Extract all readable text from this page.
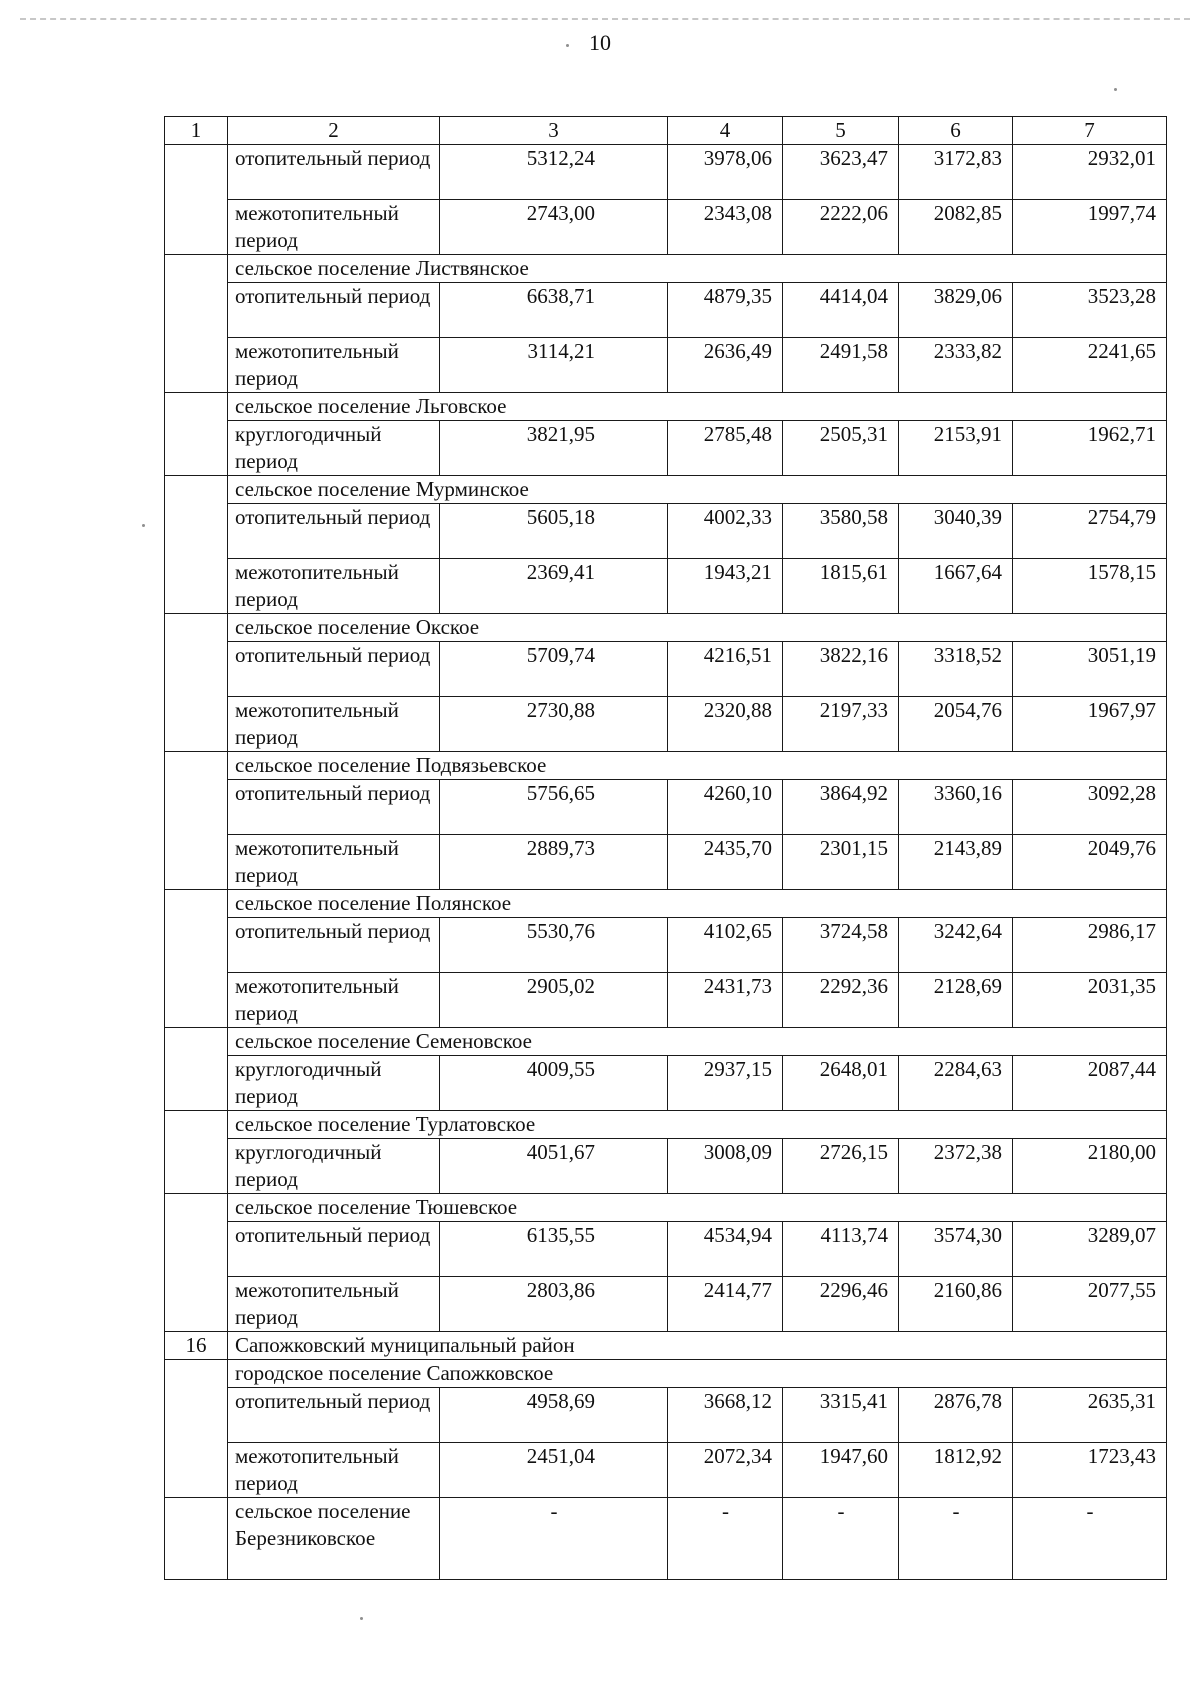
10
1	2	3	4	5	6	7
	отопительный период	5312,24	3978,06	3623,47	3172,83	2932,01
	межотопительный период	2743,00	2343,08	2222,06	2082,85	1997,74
	сельское поселение Листвянское					
	отопительный период	6638,71	4879,35	4414,04	3829,06	3523,28
	межотопительный период	3114,21	2636,49	2491,58	2333,82	2241,65
	сельское поселение Льговское					
	круглогодичный период	3821,95	2785,48	2505,31	2153,91	1962,71
	сельское поселение Мурминское					
	отопительный период	5605,18	4002,33	3580,58	3040,39	2754,79
	межотопительный период	2369,41	1943,21	1815,61	1667,64	1578,15
	сельское поселение Окское					
	отопительный период	5709,74	4216,51	3822,16	3318,52	3051,19
	межотопительный период	2730,88	2320,88	2197,33	2054,76	1967,97
	сельское поселение Подвязьевское					
	отопительный период	5756,65	4260,10	3864,92	3360,16	3092,28
	межотопительный период	2889,73	2435,70	2301,15	2143,89	2049,76
	сельское поселение Полянское					
	отопительный период	5530,76	4102,65	3724,58	3242,64	2986,17
	межотопительный период	2905,02	2431,73	2292,36	2128,69	2031,35
	сельское поселение Семеновское					
	круглогодичный период	4009,55	2937,15	2648,01	2284,63	2087,44
	сельское поселение Турлатовское					
	круглогодичный период	4051,67	3008,09	2726,15	2372,38	2180,00
	сельское поселение Тюшевское					
	отопительный период	6135,55	4534,94	4113,74	3574,30	3289,07
	межотопительный период	2803,86	2414,77	2296,46	2160,86	2077,55
16	Сапожковский муниципальный район					
	городское поселение Сапожковское					
	отопительный период	4958,69	3668,12	3315,41	2876,78	2635,31
	межотопительный период	2451,04	2072,34	1947,60	1812,92	1723,43
	сельское поселение Березниковское	-	-	-	-	-
